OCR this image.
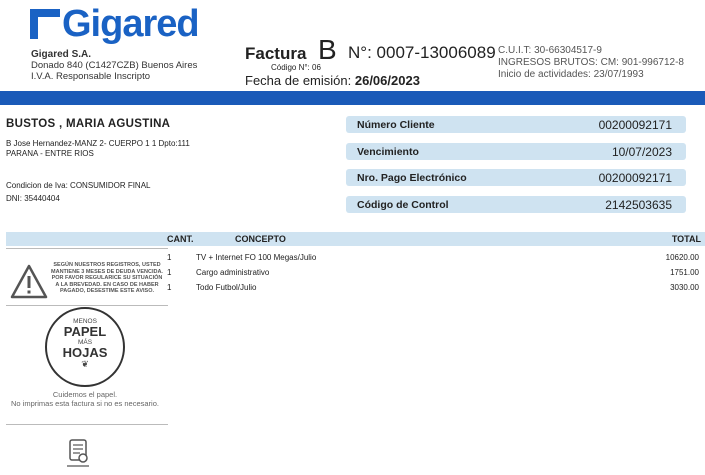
Gigared
Gigared S.A.
Donado 840 (C1427CZB) Buenos Aires
I.V.A. Responsable Inscripto
Factura B
Código N°: 06
N°: 0007-13006089
Fecha de emisión: 26/06/2023
C.U.I.T: 30-66304517-9
INGRESOS BRUTOS: CM: 901-996712-8
Inicio de actividades: 23/07/1993
BUSTOS , MARIA AGUSTINA
B Jose Hernandez-MANZ 2- CUERPO 1 1 Dpto:111
PARANA - ENTRE RIOS
Condicion de Iva: CONSUMIDOR FINAL
DNI: 35440404
Número Cliente	00200092171
Vencimiento	10/07/2023
Nro. Pago Electrónico	00200092171
Código de Control	2142503635
CANT.	CONCEPTO	TOTAL
1	TV + Internet FO 100 Megas/Julio	10620.00
1	Cargo administrativo	1751.00
1	Todo Futbol/Julio	3030.00
SEGÚN NUESTROS REGISTROS, USTED MANTIENE 3 MESES DE DEUDA VENCIDA. POR FAVOR REGULARICE SU SITUACIÓN A LA BREVEDAD. EN CASO DE HABER PAGADO, DESESTIME ESTE AVISO.
MENOS
PAPEL
MÁS
HOJAS
❦
Cuidemos el papel.
No imprimas esta factura si no es necesario.
